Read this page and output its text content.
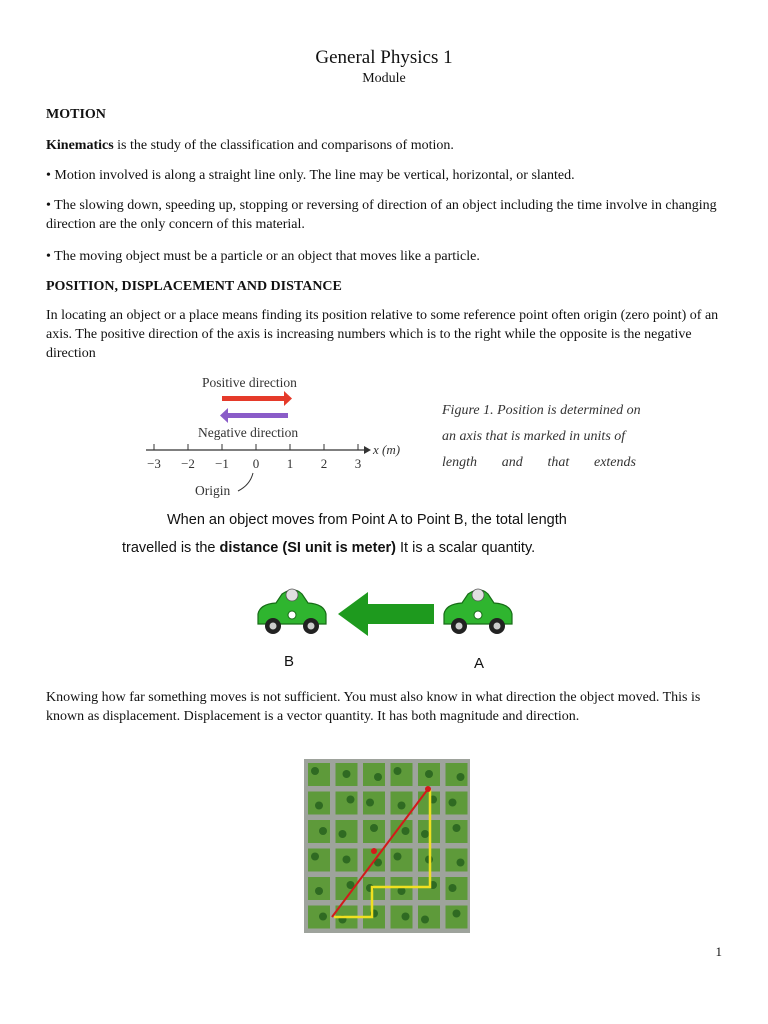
General Physics 1
Module
MOTION
Kinematics is the study of the classification and comparisons of motion.
• Motion involved is along a straight line only. The line may be vertical, horizontal, or slanted.
• The slowing down, speeding up, stopping or reversing of direction of an object including the time involve in changing direction are the only concern of this material.
• The moving object must be a particle or an object that moves like a particle.
POSITION, DISPLACEMENT AND DISTANCE
In locating an object or a place means finding its position relative to some reference point often origin (zero point) of an axis. The positive direction of the axis is increasing numbers which is to the right while the opposite is the negative direction
Positive direction
Negative direction
−3 −2 −1 0 1 2 3
x (m)
Origin
Figure 1. Position is determined on
an axis that is marked in units of
length and that extends
When an object moves from Point A to Point B, the total length
travelled is the distance (SI unit is meter) It is a scalar quantity.
B	A
Knowing how far something moves is not sufficient. You must also know in what direction the object moved. This is known as displacement. Displacement is a vector quantity. It has both magnitude and direction.
1
